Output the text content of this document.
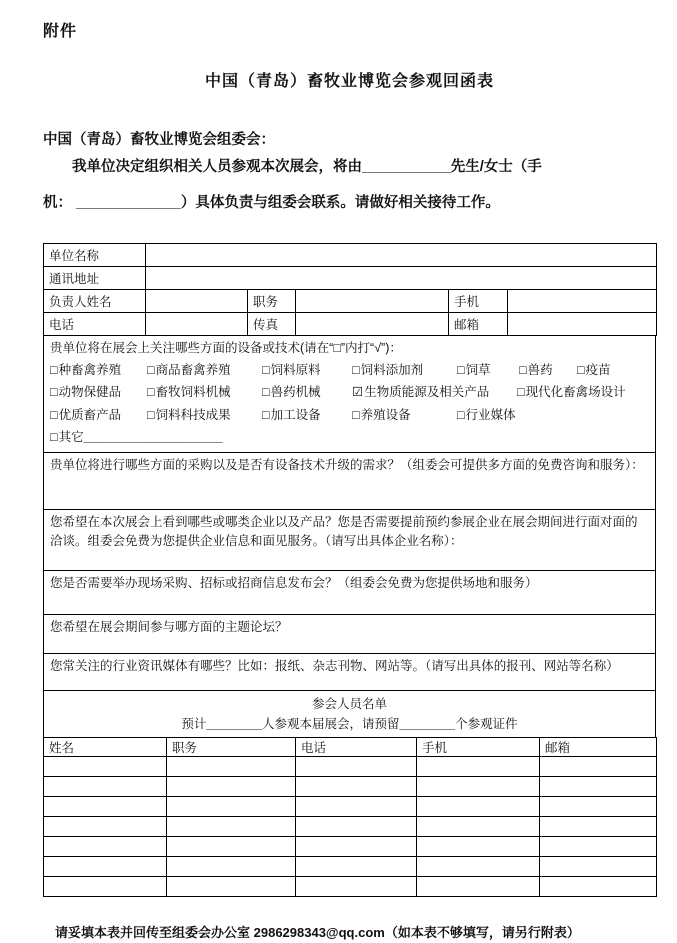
附件
中国（青岛）畜牧业博览会参观回函表
中国（青岛）畜牧业博览会组委会：
我单位决定组织相关人员参观本次展会，将由___________先生/女士（手
机： _____________）具体负责与组委会联系。请做好相关接待工作。
单位名称					
通讯地址					
负责人姓名		职务		手机	
电话		传真		邮箱	
贵单位将在展会上关注哪些方面的设备或技术(请在“□”内打“√”)：
□种畜禽养殖 □商品畜禽养殖	□饲料原料	□饲料添加剂	□饲草 □兽药 □疫苗
□动物保健品 □畜牧饲料机械	□兽药机械	☑生物质能源及相关产品 □现代化畜禽场设计
□优质畜产品 □饲料科技成果	□加工设备	□养殖设备	□行业媒体
□其它____________________

贵单位将进行哪些方面的采购以及是否有设备技术升级的需求？（组委会可提供多方面的免费咨询和服务）：

您希望在本次展会上看到哪些或哪类企业以及产品？您是否需要提前预约参展企业在展会期间进行面对面的洽谈。组委会免费为您提供企业信息和面见服务。（请写出具体企业名称）：

您是否需要举办现场采购、招标或招商信息发布会？（组委会免费为您提供场地和服务）

您希望在展会期间参与哪方面的主题论坛？

您常关注的行业资讯媒体有哪些？比如：报纸、杂志刊物、网站等。（请写出具体的报刊、网站等名称）
参会人员名单
预计________人参观本届展会，请预留________个参观证件
姓名	职务	电话	手机	邮箱

请妥填本表并回传至组委会办公室 2986298343@qq.com（如本表不够填写，请另行附表）
